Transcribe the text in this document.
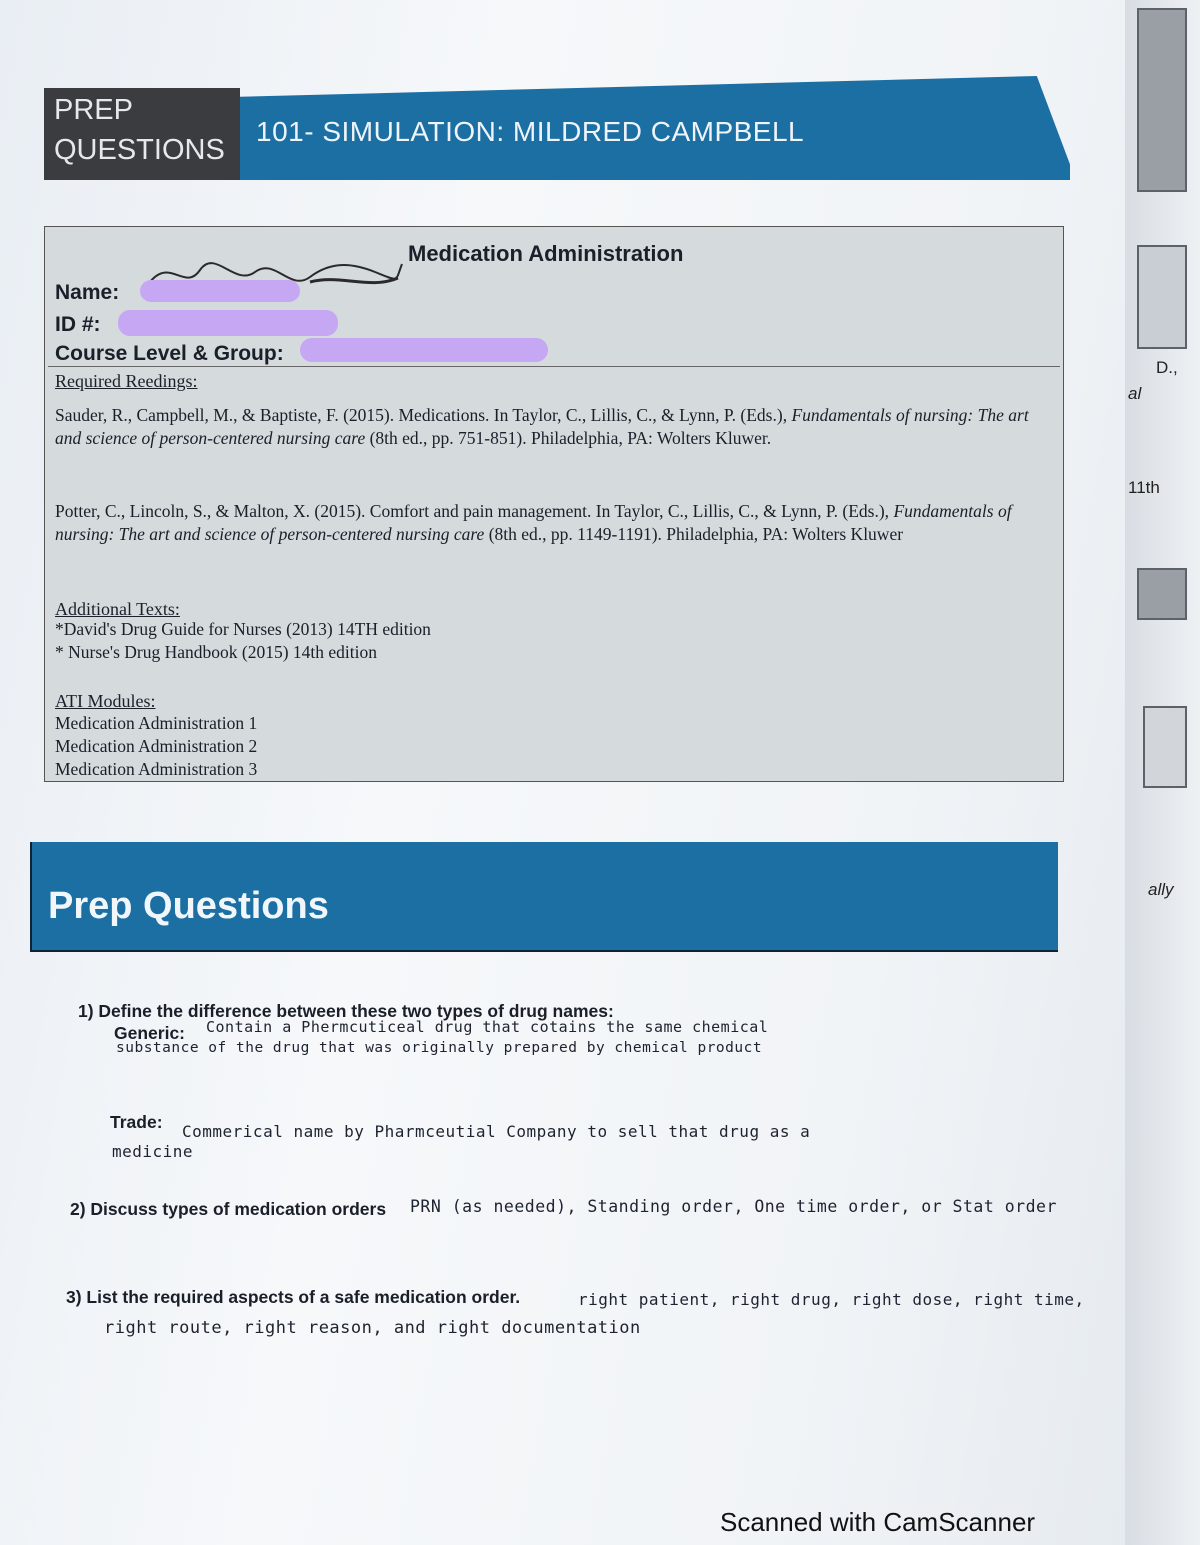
D.,
al
11th
ally
PREP
QUESTIONS
101- SIMULATION: MILDRED CAMPBELL
Medication Administration
Name:
ID #:
Course Level & Group:
Required Reedings:
Sauder, R., Campbell, M., & Baptiste, F. (2015). Medications. In Taylor, C., Lillis, C., & Lynn, P. (Eds.), Fundamentals of nursing: The art and science of person-centered nursing care (8th ed., pp. 751-851). Philadelphia, PA: Wolters Kluwer.
Potter, C., Lincoln, S., & Malton, X. (2015). Comfort and pain management. In Taylor, C., Lillis, C., & Lynn, P. (Eds.), Fundamentals of nursing: The art and science of person-centered nursing care (8th ed., pp. 1149-1191). Philadelphia, PA: Wolters Kluwer
Additional Texts:
*David's Drug Guide for Nurses (2013) 14TH edition
* Nurse's Drug Handbook (2015) 14th edition
ATI Modules:
Medication Administration 1
Medication Administration 2
Medication Administration 3
Prep Questions
1) Define the difference between these two types of drug names:
Generic: Contain a Phermcuticeal drug that cotains the same chemical
substance of the drug that was originally prepared by chemical product
Trade: Commerical name by Pharmceutial Company to sell that drug as a
medicine
2) Discuss types of medication orders PRN (as needed), Standing order, One time order, or Stat order
3) List the required aspects of a safe medication order.	right patient, right drug, right dose, right time,
right route, right reason, and right documentation
Scanned with CamScanner
